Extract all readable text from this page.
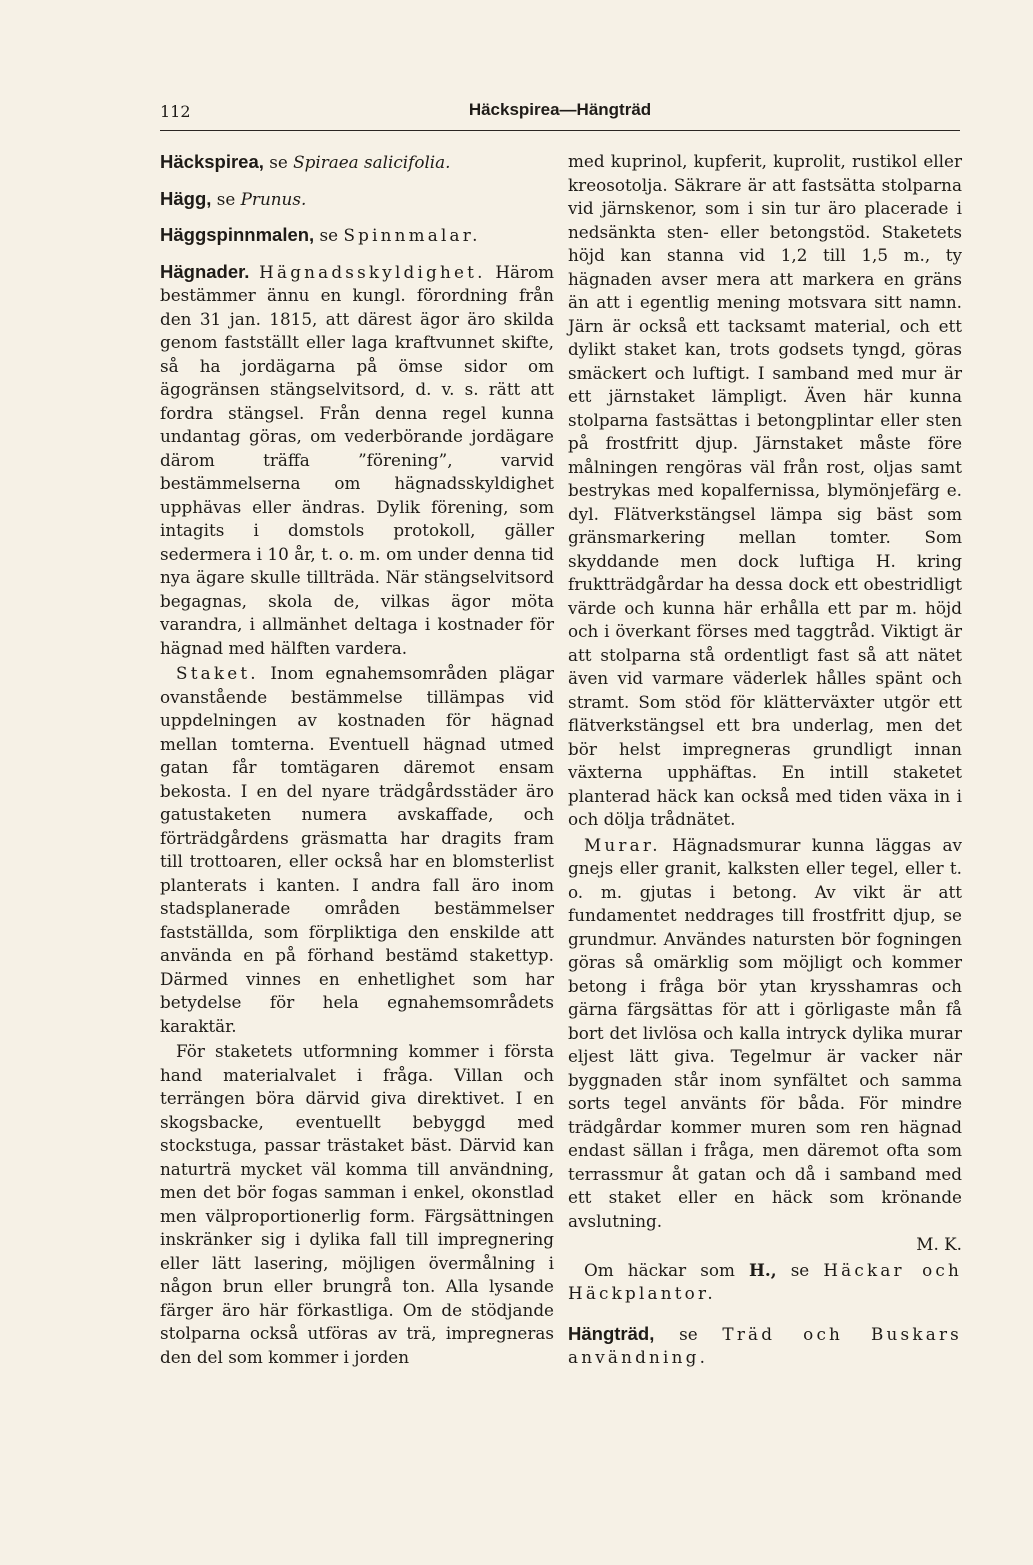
112	Häckspirea—Hängträd

Häckspirea, se Spiraea salicifolia.

Hägg, se Prunus.

Häggspinnmalen, se Spinnmalar.

Hägnader. Hägnadsskyldighet. Härom bestämmer ännu en kungl. förordning från den 31 jan. 1815, att därest ägor äro skilda genom fastställt eller laga kraftvunnet skifte, så ha jordägarna på ömse sidor om ägogränsen stängselvitsord, d. v. s. rätt att fordra stängsel. Från denna regel kunna undantag göras, om vederbörande jordägare därom träffa ”förening”, varvid bestämmelserna om hägnadsskyldighet upphävas eller ändras. Dylik förening, som intagits i domstols protokoll, gäller sedermera i 10 år, t. o. m. om under denna tid nya ägare skulle tillträda. När stängselvitsord begagnas, skola de, vilkas ägor möta varandra, i allmänhet deltaga i kostnader för hägnad med hälften vardera.

Staket. Inom egnahemsområden plägar ovanstående bestämmelse tillämpas vid uppdelningen av kostnaden för hägnad mellan tomterna. Eventuell hägnad utmed gatan får tomtägaren däremot ensam bekosta. I en del nyare trädgårdsstäder äro gatustaketen numera avskaffade, och förträdgårdens gräsmatta har dragits fram till trottoaren, eller också har en blomsterlist planterats i kanten. I andra fall äro inom stadsplanerade områden bestämmelser fastställda, som förpliktiga den enskilde att använda en på förhand bestämd stakettyp. Därmed vinnes en enhetlighet som har betydelse för hela egnahemsområdets karaktär.

För staketets utformning kommer i första hand materialvalet i fråga. Villan och terrängen böra därvid giva direktivet. I en skogsbacke, eventuellt bebyggd med stockstuga, passar trästaket bäst. Därvid kan naturträ mycket väl komma till användning, men det bör fogas samman i enkel, okonstlad men välproportionerlig form. Färgsättningen inskränker sig i dylika fall till impregnering eller lätt lasering, möjligen övermålning i någon brun eller brungrå ton. Alla lysande färger äro här förkastliga. Om de stödjande stolparna också utföras av trä, impregneras den del som kommer i jorden

med kuprinol, kupferit, kuprolit, rustikol eller kreosotolja. Säkrare är att fastsätta stolparna vid järnskenor, som i sin tur äro placerade i nedsänkta sten- eller betongstöd. Staketets höjd kan stanna vid 1,2 till 1,5 m., ty hägnaden avser mera att markera en gräns än att i egentlig mening motsvara sitt namn. Järn är också ett tacksamt material, och ett dylikt staket kan, trots godsets tyngd, göras smäckert och luftigt. I samband med mur är ett järnstaket lämpligt. Även här kunna stolparna fastsättas i betongplintar eller sten på frostfritt djup. Järnstaket måste före målningen rengöras väl från rost, oljas samt bestrykas med kopalfernissa, blymönjefärg e. dyl. Flätverkstängsel lämpa sig bäst som gränsmarkering mellan tomter. Som skyddande men dock luftiga H. kring fruktträdgårdar ha dessa dock ett obestridligt värde och kunna här erhålla ett par m. höjd och i överkant förses med taggtråd. Viktigt är att stolparna stå ordentligt fast så att nätet även vid varmare väderlek hålles spänt och stramt. Som stöd för klätterväxter utgör ett flätverkstängsel ett bra underlag, men det bör helst impregneras grundligt innan växterna upphäftas. En intill staketet planterad häck kan också med tiden växa in i och dölja trådnätet.

Murar. Hägnadsmurar kunna läggas av gnejs eller granit, kalksten eller tegel, eller t. o. m. gjutas i betong. Av vikt är att fundamentet neddrages till frostfritt djup, se grundmur. Användes natursten bör fogningen göras så omärklig som möjligt och kommer betong i fråga bör ytan krysshamras och gärna färgsättas för att i görligaste mån få bort det livlösa och kalla intryck dylika murar eljest lätt giva. Tegelmur är vacker när byggnaden står inom synfältet och samma sorts tegel använts för båda. För mindre trädgårdar kommer muren som ren hägnad endast sällan i fråga, men däremot ofta som terrassmur åt gatan och då i samband med ett staket eller en häck som krönande avslutning.
M. K.

Om häckar som H., se Häckar och Häckplantor.

Hängträd, se Träd och Buskars användning.
